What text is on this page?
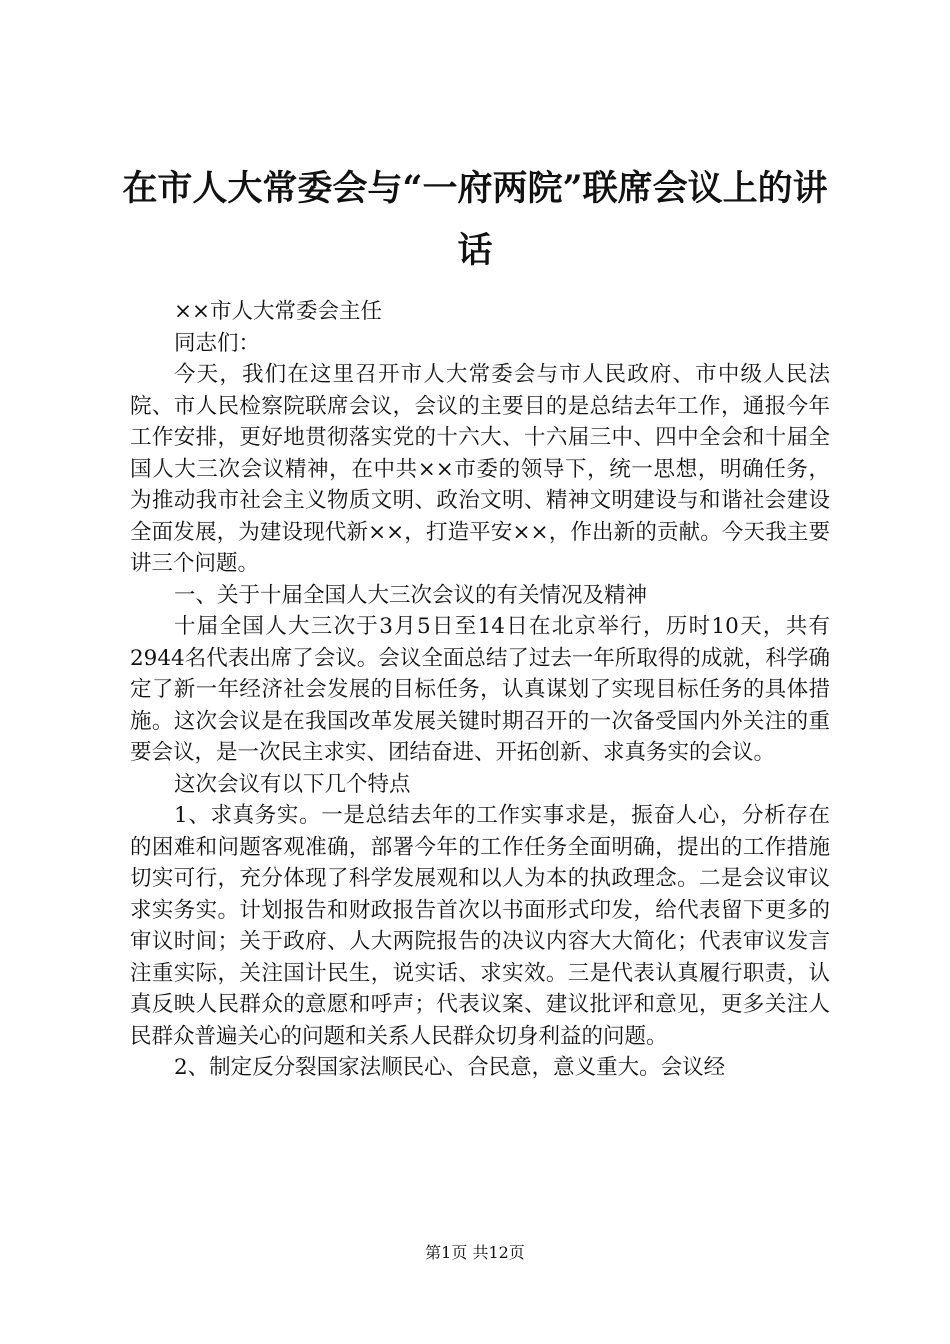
在市人大常委会与“一府两院”联席会议上的讲话

××市人大常委会主任

同志们：

今天，我们在这里召开市人大常委会与市人民政府、市中级人民法院、市人民检察院联席会议，会议的主要目的是总结去年工作，通报今年工作安排，更好地贯彻落实党的十六大、十六届三中、四中全会和十届全国人大三次会议精神，在中共××市委的领导下，统一思想，明确任务，为推动我市社会主义物质文明、政治文明、精神文明建设与和谐社会建设全面发展，为建设现代新××，打造平安××，作出新的贡献。今天我主要讲三个问题。

一、关于十届全国人大三次会议的有关情况及精神

十届全国人大三次于3月5日至14日在北京举行，历时10天，共有2944名代表出席了会议。会议全面总结了过去一年所取得的成就，科学确定了新一年经济社会发展的目标任务，认真谋划了实现目标任务的具体措施。这次会议是在我国改革发展关键时期召开的一次备受国内外关注的重要会议，是一次民主求实、团结奋进、开拓创新、求真务实的会议。

这次会议有以下几个特点

1、求真务实。一是总结去年的工作实事求是，振奋人心，分析存在的困难和问题客观准确，部署今年的工作任务全面明确，提出的工作措施切实可行，充分体现了科学发展观和以人为本的执政理念。二是会议审议求实务实。计划报告和财政报告首次以书面形式印发，给代表留下更多的审议时间；关于政府、人大两院报告的决议内容大大简化；代表审议发言注重实际，关注国计民生，说实话、求实效。三是代表认真履行职责，认真反映人民群众的意愿和呼声；代表议案、建议批评和意见，更多关注人民群众普遍关心的问题和关系人民群众切身利益的问题。

2、制定反分裂国家法顺民心、合民意，意义重大。会议经

第1页 共12页
